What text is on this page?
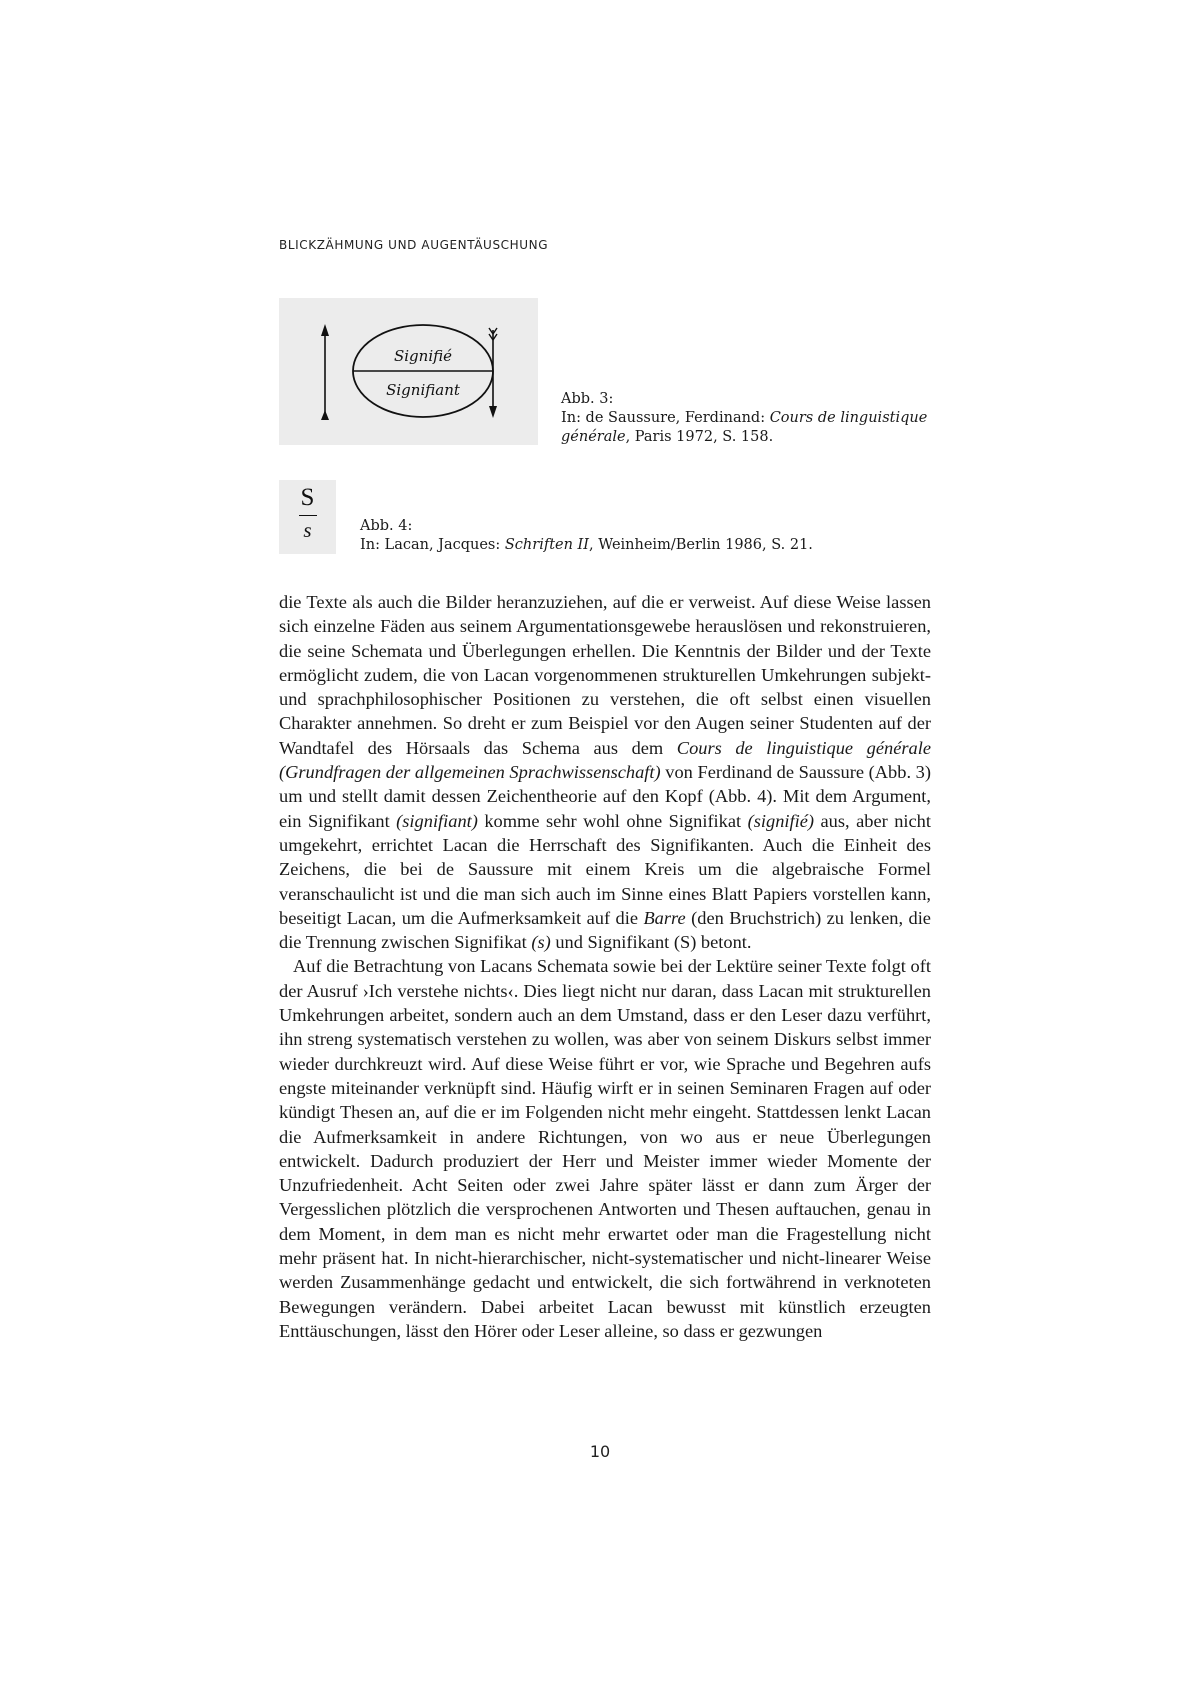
BLICKZÄHMUNG UND AUGENTÄUSCHUNG
Signifié
Signifiant	Abb. 3:
In: de Saussure, Ferdinand: Cours de linguistique générale, Paris 1972, S. 158.
S
s	Abb. 4:
In: Lacan, Jacques: Schriften II, Weinheim/Berlin 1986, S. 21.

die Texte als auch die Bilder heranzuziehen, auf die er verweist. Auf diese Weise lassen sich einzelne Fäden aus seinem Argumentationsgewebe herauslösen und rekonstruieren, die seine Schemata und Überlegungen erhellen. Die Kenntnis der Bilder und der Texte ermöglicht zudem, die von Lacan vorgenommenen strukturellen Umkehrungen subjekt- und sprachphilosophischer Positionen zu verstehen, die oft selbst einen visuellen Charakter annehmen. So dreht er zum Beispiel vor den Augen seiner Studenten auf der Wandtafel des Hörsaals das Schema aus dem Cours de linguistique générale (Grundfragen der allgemeinen Sprachwissenschaft) von Ferdinand de Saussure (Abb. 3) um und stellt damit dessen Zeichentheorie auf den Kopf (Abb. 4). Mit dem Argument, ein Signifikant (signifiant) komme sehr wohl ohne Signifikat (signifié) aus, aber nicht umgekehrt, errichtet Lacan die Herrschaft des Signifikanten. Auch die Einheit des Zeichens, die bei de Saussure mit einem Kreis um die algebraische Formel veranschaulicht ist und die man sich auch im Sinne eines Blatt Papiers vorstellen kann, beseitigt Lacan, um die Aufmerksamkeit auf die Barre (den Bruchstrich) zu lenken, die die Trennung zwischen Signifikat (s) und Signifikant (S) betont.

Auf die Betrachtung von Lacans Schemata sowie bei der Lektüre seiner Texte folgt oft der Ausruf ›Ich verstehe nichts‹. Dies liegt nicht nur daran, dass Lacan mit strukturellen Umkehrungen arbeitet, sondern auch an dem Umstand, dass er den Leser dazu verführt, ihn streng systematisch verstehen zu wollen, was aber von seinem Diskurs selbst immer wieder durchkreuzt wird. Auf diese Weise führt er vor, wie Sprache und Begehren aufs engste miteinander verknüpft sind. Häufig wirft er in seinen Seminaren Fragen auf oder kündigt Thesen an, auf die er im Folgenden nicht mehr eingeht. Stattdessen lenkt Lacan die Aufmerksamkeit in andere Richtungen, von wo aus er neue Überlegungen entwickelt. Dadurch produziert der Herr und Meister immer wieder Momente der Unzufriedenheit. Acht Seiten oder zwei Jahre später lässt er dann zum Ärger der Vergesslichen plötzlich die versprochenen Antworten und Thesen auftauchen, genau in dem Moment, in dem man es nicht mehr erwartet oder man die Fragestellung nicht mehr präsent hat. In nicht-hierarchischer, nicht-systematischer und nicht-linearer Weise werden Zusammenhänge gedacht und entwickelt, die sich fortwährend in verknoteten Bewegungen verändern. Dabei arbeitet Lacan bewusst mit künstlich erzeugten Enttäuschungen, lässt den Hörer oder Leser alleine, so dass er gezwungen

10
